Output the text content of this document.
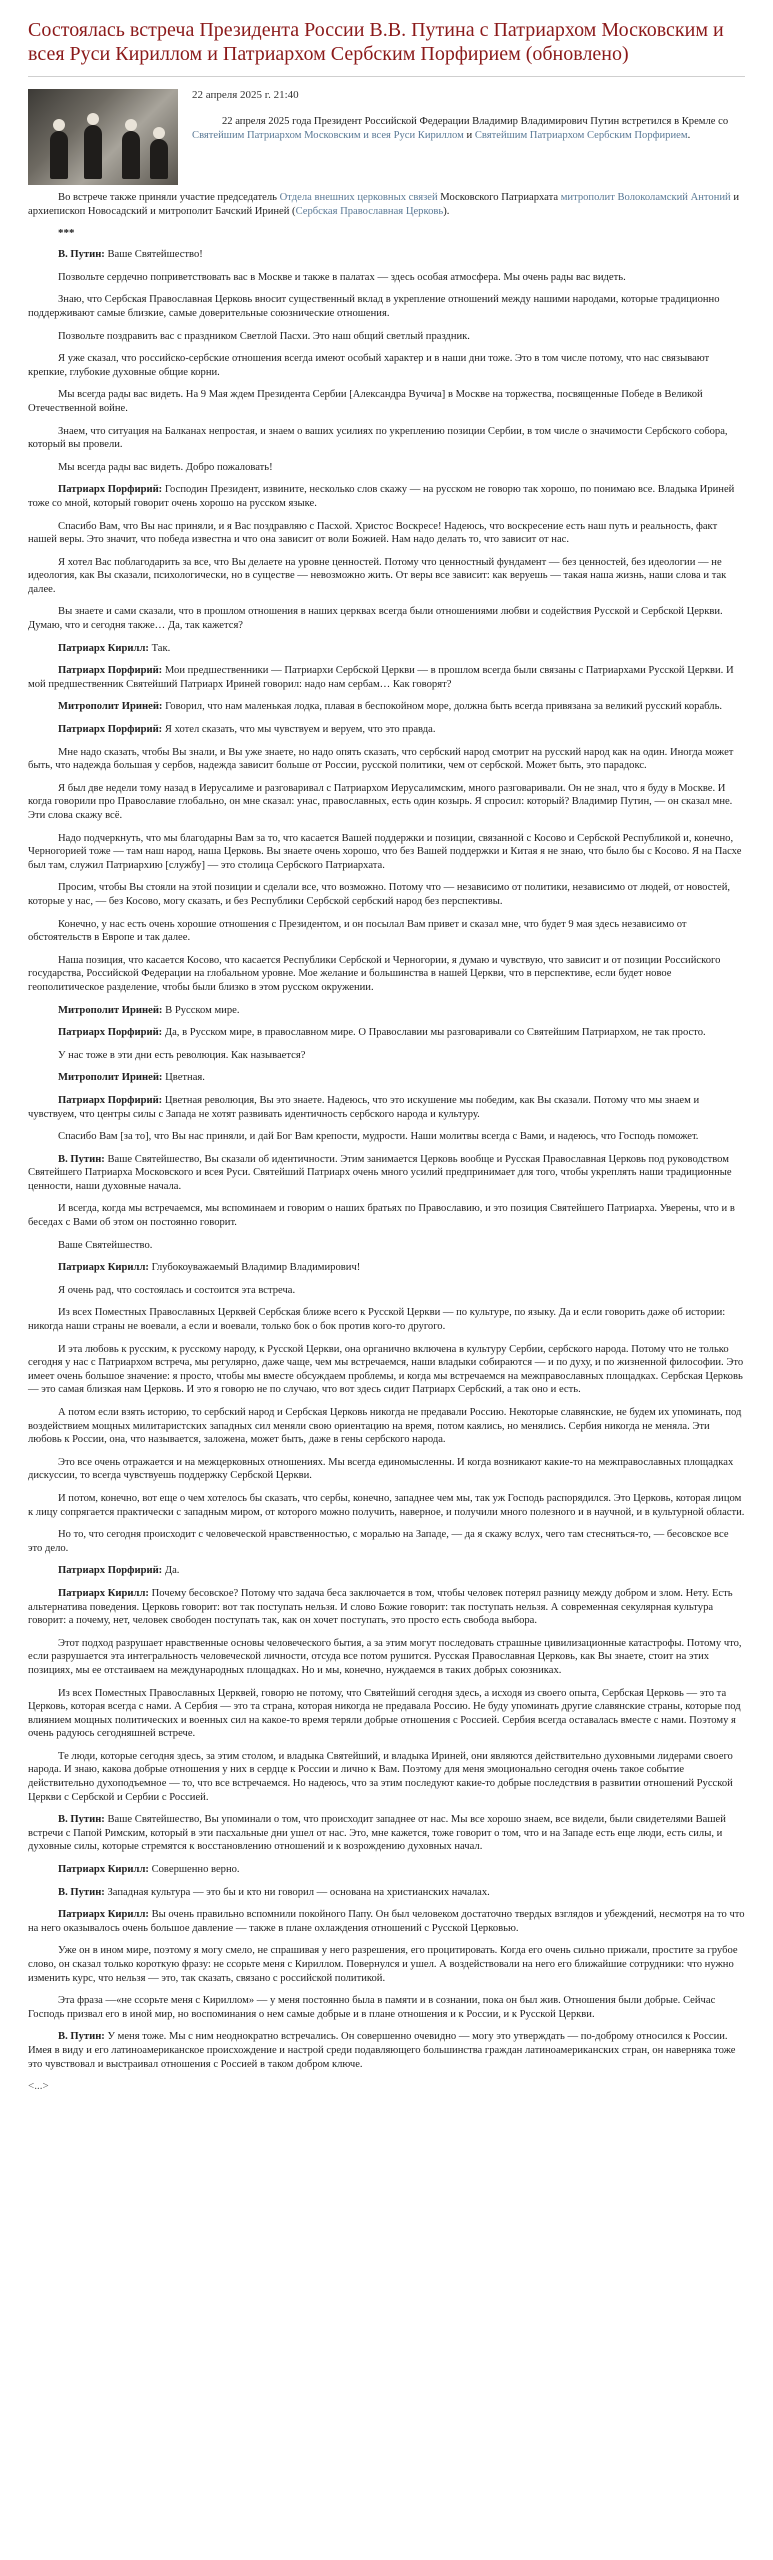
Состоялась встреча Президента России В.В. Путина с Патриархом Московским и всея Руси Кириллом и Патриархом Сербским Порфирием (обновлено)
22 апреля 2025 г. 21:40

22 апреля 2025 года Президент Российской Федерации Владимир Владимирович Путин встретился в Кремле со Святейшим Патриархом Московским и всея Руси Кириллом и Святейшим Патриархом Сербским Порфирием.

Во встрече также приняли участие председатель Отдела внешних церковных связей Московского Патриархата митрополит Волоколамский Антоний и архиепископ Новосадский и митрополит Бачский Ириней (Сербская Православная Церковь).

***

В. Путин: Ваше Святейшество!

Позвольте сердечно поприветствовать вас в Москве и также в палатах — здесь особая атмосфера. Мы очень рады вас видеть.

Знаю, что Сербская Православная Церковь вносит существенный вклад в укрепление отношений между нашими народами, которые традиционно поддерживают самые близкие, самые доверительные союзнические отношения.

Позвольте поздравить вас с праздником Светлой Пасхи. Это наш общий светлый праздник.

Я уже сказал, что российско-сербские отношения всегда имеют особый характер и в наши дни тоже. Это в том числе потому, что нас связывают крепкие, глубокие духовные общие корни.

Мы всегда рады вас видеть. На 9 Мая ждем Президента Сербии [Александра Вучича] в Москве на торжества, посвященные Победе в Великой Отечественной войне.

Знаем, что ситуация на Балканах непростая, и знаем о ваших усилиях по укреплению позиции Сербии, в том числе о значимости Сербского собора, который вы провели.

Мы всегда рады вас видеть. Добро пожаловать!

Патриарх Порфирий: Господин Президент, извините, несколько слов скажу — на русском не говорю так хорошо, по понимаю все. Владыка Ириней тоже со мной, который говорит очень хорошо на русском языке.

Спасибо Вам, что Вы нас приняли, и я Вас поздравляю с Пасхой. Христос Воскресе! Надеюсь, что воскресение есть наш путь и реальность, факт нашей веры. Это значит, что победа известна и что она зависит от воли Божией. Нам надо делать то, что зависит от нас.

Я хотел Вас поблагодарить за все, что Вы делаете на уровне ценностей. Потому что ценностный фундамент — без ценностей, без идеологии — не идеология, как Вы сказали, психологически, но в существе — невозможно жить. От веры все зависит: как веруешь — такая наша жизнь, наши слова и так далее.

Вы знаете и сами сказали, что в прошлом отношения в наших церквах всегда были отношениями любви и содействия Русской и Сербской Церкви. Думаю, что и сегодня также… Да, так кажется?

Патриарх Кирилл: Так.

Патриарх Порфирий: Мои предшественники — Патриархи Сербской Церкви — в прошлом всегда были связаны с Патриархами Русской Церкви. И мой предшественник Святейший Патриарх Ириней говорил: надо нам сербам… Как говорят?

Митрополит Ириней: Говорил, что нам маленькая лодка, плавая в беспокойном море, должна быть всегда привязана за великий русский корабль.

Патриарх Порфирий: Я хотел сказать, что мы чувствуем и веруем, что это правда.

Мне надо сказать, чтобы Вы знали, и Вы уже знаете, но надо опять сказать, что сербский народ смотрит на русский народ как на один. Иногда может быть, что надежда большая у сербов, надежда зависит больше от России, русской политики, чем от сербской. Может быть, это парадокс.

Я был две недели тому назад в Иерусалиме и разговаривал с Патриархом Иерусалимским, много разговаривали. Он не знал, что я буду в Москве. И когда говорили про Православие глобально, он мне сказал: унас, православных, есть один козырь. Я спросил: который? Владимир Путин, — он сказал мне. Эти слова скажу всё.

Надо подчеркнуть, что мы благодарны Вам за то, что касается Вашей поддержки и позиции, связанной с Косово и Сербской Республикой и, конечно, Черногорией тоже — там наш народ, наша Церковь. Вы знаете очень хорошо, что без Вашей поддержки и Китая я не знаю, что было бы с Косово. Я на Пасхе был там, служил Патриархию [службу] — это столица Сербского Патриархата.

Просим, чтобы Вы стояли на этой позиции и сделали все, что возможно. Потому что — независимо от политики, независимо от людей, от новостей, которые у нас, — без Косово, могу сказать, и без Республики Сербской сербский народ без перспективы.

Конечно, у нас есть очень хорошие отношения с Президентом, и он посылал Вам привет и сказал мне, что будет 9 мая здесь независимо от обстоятельств в Европе и так далее.

Наша позиция, что касается Косово, что касается Республики Сербской и Черногории, я думаю и чувствую, что зависит и от позиции Российского государства, Российской Федерации на глобальном уровне. Мое желание и большинства в нашей Церкви, что в перспективе, если будет новое геополитическое разделение, чтобы были близко в этом русском окружении.

Митрополит Ириней: В Русском мире.

Патриарх Порфирий: Да, в Русском мире, в православном мире. О Православии мы разговаривали со Святейшим Патриархом, не так просто.

У нас тоже в эти дни есть революция. Как называется?

Митрополит Ириней: Цветная.

Патриарх Порфирий: Цветная революция, Вы это знаете. Надеюсь, что это искушение мы победим, как Вы сказали. Потому что мы знаем и чувствуем, что центры силы с Запада не хотят развивать идентичность сербского народа и культуру.

Спасибо Вам [за то], что Вы нас приняли, и дай Бог Вам крепости, мудрости. Наши молитвы всегда с Вами, и надеюсь, что Господь поможет.

В. Путин: Ваше Святейшество, Вы сказали об идентичности. Этим занимается Церковь вообще и Русская Православная Церковь под руководством Святейшего Патриарха Московского и всея Руси. Святейший Патриарх очень много усилий предпринимает для того, чтобы укреплять наши традиционные ценности, наши духовные начала.

И всегда, когда мы встречаемся, мы вспоминаем и говорим о наших братьях по Православию, и это позиция Святейшего Патриарха. Уверены, что и в беседах с Вами об этом он постоянно говорит.

Ваше Святейшество.

Патриарх Кирилл: Глубокоуважаемый Владимир Владимирович!

Я очень рад, что состоялась и состоится эта встреча.

Из всех Поместных Православных Церквей Сербская ближе всего к Русской Церкви — по культуре, по языку. Да и если говорить даже об истории: никогда наши страны не воевали, а если и воевали, только бок о бок против кого-то другого.

И эта любовь к русским, к русскому народу, к Русской Церкви, она органично включена в культуру Сербии, сербского народа. Потому что не только сегодня у нас с Патриархом встреча, мы регулярно, даже чаще, чем мы встречаемся, наши владыки собираются — и по духу, и по жизненной философии. Это имеет очень большое значение: я просто, чтобы мы вместе обсуждаем проблемы, и когда мы встречаемся на межправославных площадках. Сербская Церковь — это самая близкая нам Церковь. И это я говорю не по случаю, что вот здесь сидит Патриарх Сербский, а так оно и есть.

А потом если взять историю, то сербский народ и Сербская Церковь никогда не предавали Россию. Некоторые славянские, не будем их упоминать, под воздействием мощных милитаристских западных сил меняли свою ориентацию на время, потом каялись, но менялись. Сербия никогда не меняла. Эти любовь к России, она, что называется, заложена, может быть, даже в гены сербского народа.

Это все очень отражается и на межцерковных отношениях. Мы всегда единомысленны. И когда возникают какие-то на межправославных площадках дискуссии, то всегда чувствуешь поддержку Сербской Церкви.

И потом, конечно, вот еще о чем хотелось бы сказать, что сербы, конечно, западнее чем мы, так уж Господь распорядился. Это Церковь, которая лицом к лицу сопрягается практически с западным миром, от которого можно получить, наверное, и получили много полезного и в научной, и в культурной области.

Но то, что сегодня происходит с человеческой нравственностью, с моралью на Западе, — да я скажу вслух, чего там стесняться-то, — бесовское все это дело.

Патриарх Порфирий: Да.

Патриарх Кирилл: Почему бесовское? Потому что задача беса заключается в том, чтобы человек потерял разницу между добром и злом. Нету. Есть альтернатива поведения. Церковь говорит: вот так поступать нельзя. И слово Божие говорит: так поступать нельзя. А современная секулярная культура говорит: а почему, нет, человек свободен поступать так, как он хочет поступать, это просто есть свобода выбора.

Этот подход разрушает нравственные основы человеческого бытия, а за этим могут последовать страшные цивилизационные катастрофы. Потому что, если разрушается эта интегральность человеческой личности, отсуда все потом рушится. Русская Православная Церковь, как Вы знаете, стоит на этих позициях, мы ее отстаиваем на международных площадках. Но и мы, конечно, нуждаемся в таких добрых союзниках.

Из всех Поместных Православных Церквей, говорю не потому, что Святейший сегодня здесь, а исходя из своего опыта, Сербская Церковь — это та Церковь, которая всегда с нами. А Сербия — это та страна, которая никогда не предавала Россию. Не буду упоминать другие славянские страны, которые под влиянием мощных политических и военных сил на какое-то время теряли добрые отношения с Россией. Сербия всегда оставалась вместе с нами. Поэтому я очень радуюсь сегодняшней встрече.

Те люди, которые сегодня здесь, за этим столом, и владыка Святейший, и владыка Ириней, они являются действительно духовными лидерами своего народа. И знаю, какова добрые отношения у них в сердце к России и лично к Вам. Поэтому для меня эмоционально сегодня очень такое событие действительно духоподъемное — то, что все встречаемся. Но надеюсь, что за этим последуют какие-то добрые последствия в развитии отношений Русской Церкви с Сербской и Сербии с Россией.

В. Путин: Ваше Святейшество, Вы упоминали о том, что происходит западнее от нас. Мы все хорошо знаем, все видели, были свидетелями Вашей встречи с Папой Римским, который в эти пасхальные дни ушел от нас. Это, мне кажется, тоже говорит о том, что и на Западе есть еще люди, есть силы, и духовные силы, которые стремятся к восстановлению отношений и к возрождению духовных начал.

Патриарх Кирилл: Совершенно верно.

В. Путин: Западная культура — это бы и кто ни говорил — основана на христианских началах.

Патриарх Кирилл: Вы очень правильно вспомнили покойного Папу. Он был человеком достаточно твердых взглядов и убеждений, несмотря на то что на него оказывалось очень большое давление — также в плане охлаждения отношений с Русской Церковью.

Уже он в ином мире, поэтому я могу смело, не спрашивая у него разрешения, его процитировать. Когда его очень сильно прижали, простите за грубое слово, он сказал только короткую фразу: не ссорьте меня с Кириллом. Повернулся и ушел. А воздействовали на него его ближайшие сотрудники: что нужно изменить курс, что нельзя — это, так сказать, связано с российской политикой.

Эта фраза —«не ссорьте меня с Кириллом» — у меня постоянно была в памяти и в сознании, пока он был жив. Отношения были добрые. Сейчас Господь призвал его в иной мир, но воспоминания о нем самые добрые и в плане отношения и к России, и к Русской Церкви.

В. Путин: У меня тоже. Мы с ним неоднократно встречались. Он совершенно очевидно — могу это утверждать — по-доброму относился к России. Имея в виду и его латиноамериканское происхождение и настрой среди подавляющего большинства граждан латиноамериканских стран, он наверняка тоже это чувствовал и выстраивал отношения с Россией в таком добром ключе.

<...>
